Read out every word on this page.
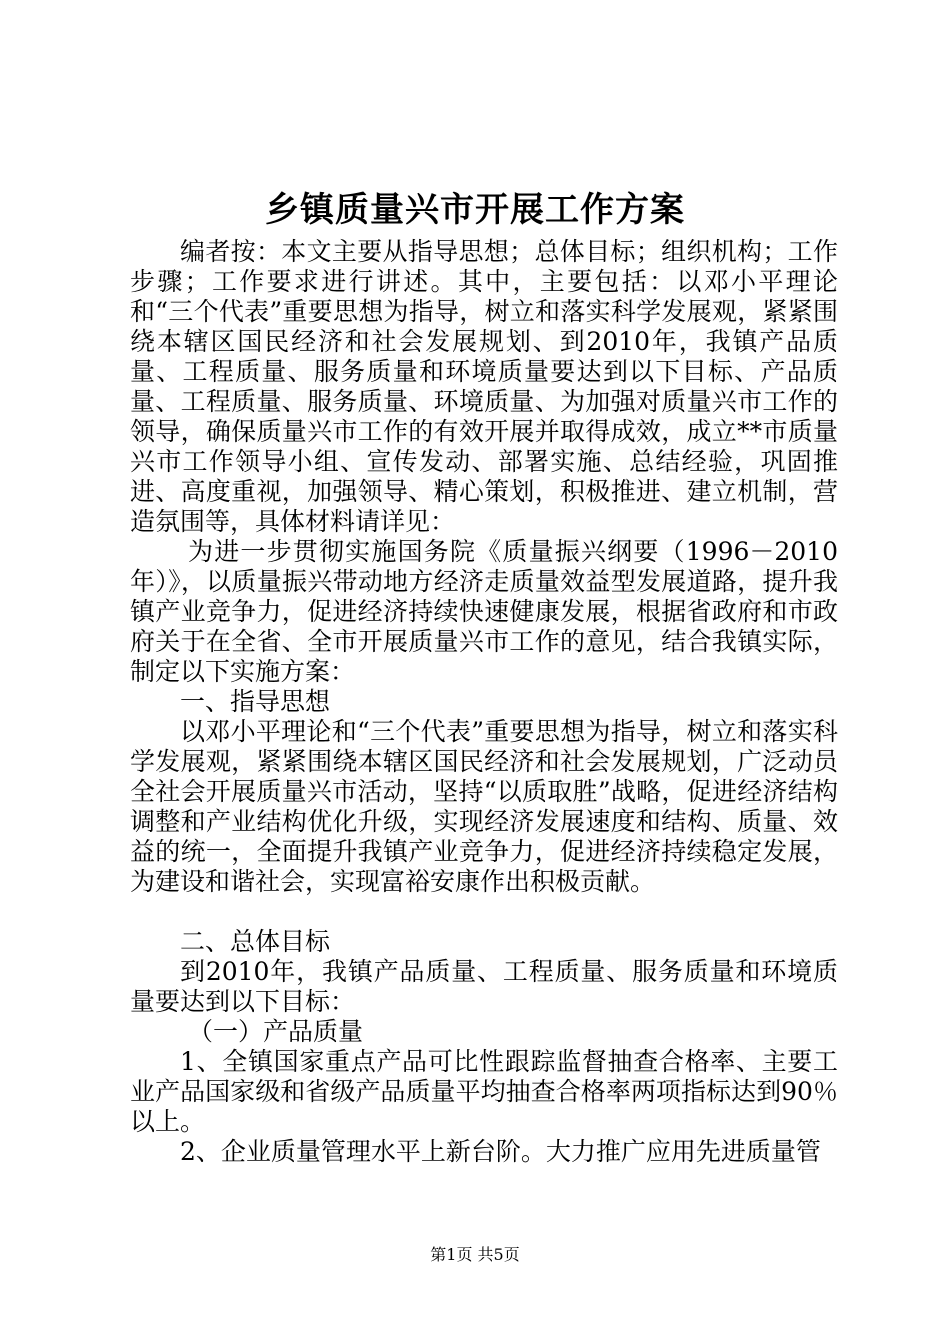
乡镇质量兴市开展工作方案

编者按：本文主要从指导思想；总体目标；组织机构；工作步骤；工作要求进行讲述。其中，主要包括：以邓小平理论和“三个代表”重要思想为指导，树立和落实科学发展观，紧紧围绕本辖区国民经济和社会发展规划、到2010年，我镇产品质量、工程质量、服务质量和环境质量要达到以下目标、产品质量、工程质量、服务质量、环境质量、为加强对质量兴市工作的领导，确保质量兴市工作的有效开展并取得成效，成立**市质量兴市工作领导小组、宣传发动、部署实施、总结经验，巩固推进、高度重视，加强领导、精心策划，积极推进、建立机制，营造氛围等，具体材料请详见：

为进一步贯彻实施国务院《质量振兴纲要（1996－2010年）》，以质量振兴带动地方经济走质量效益型发展道路，提升我镇产业竞争力，促进经济持续快速健康发展，根据省政府和市政府关于在全省、全市开展质量兴市工作的意见，结合我镇实际，制定以下实施方案：

一、指导思想

以邓小平理论和“三个代表”重要思想为指导，树立和落实科学发展观，紧紧围绕本辖区国民经济和社会发展规划，广泛动员全社会开展质量兴市活动，坚持“以质取胜”战略，促进经济结构调整和产业结构优化升级，实现经济发展速度和结构、质量、效益的统一，全面提升我镇产业竞争力，促进经济持续稳定发展，为建设和谐社会，实现富裕安康作出积极贡献。

二、总体目标

到2010年，我镇产品质量、工程质量、服务质量和环境质量要达到以下目标：

（一）产品质量

1、全镇国家重点产品可比性跟踪监督抽查合格率、主要工业产品国家级和省级产品质量平均抽查合格率两项指标达到90％以上。

2、企业质量管理水平上新台阶。大力推广应用先进质量管

第1页 共5页
